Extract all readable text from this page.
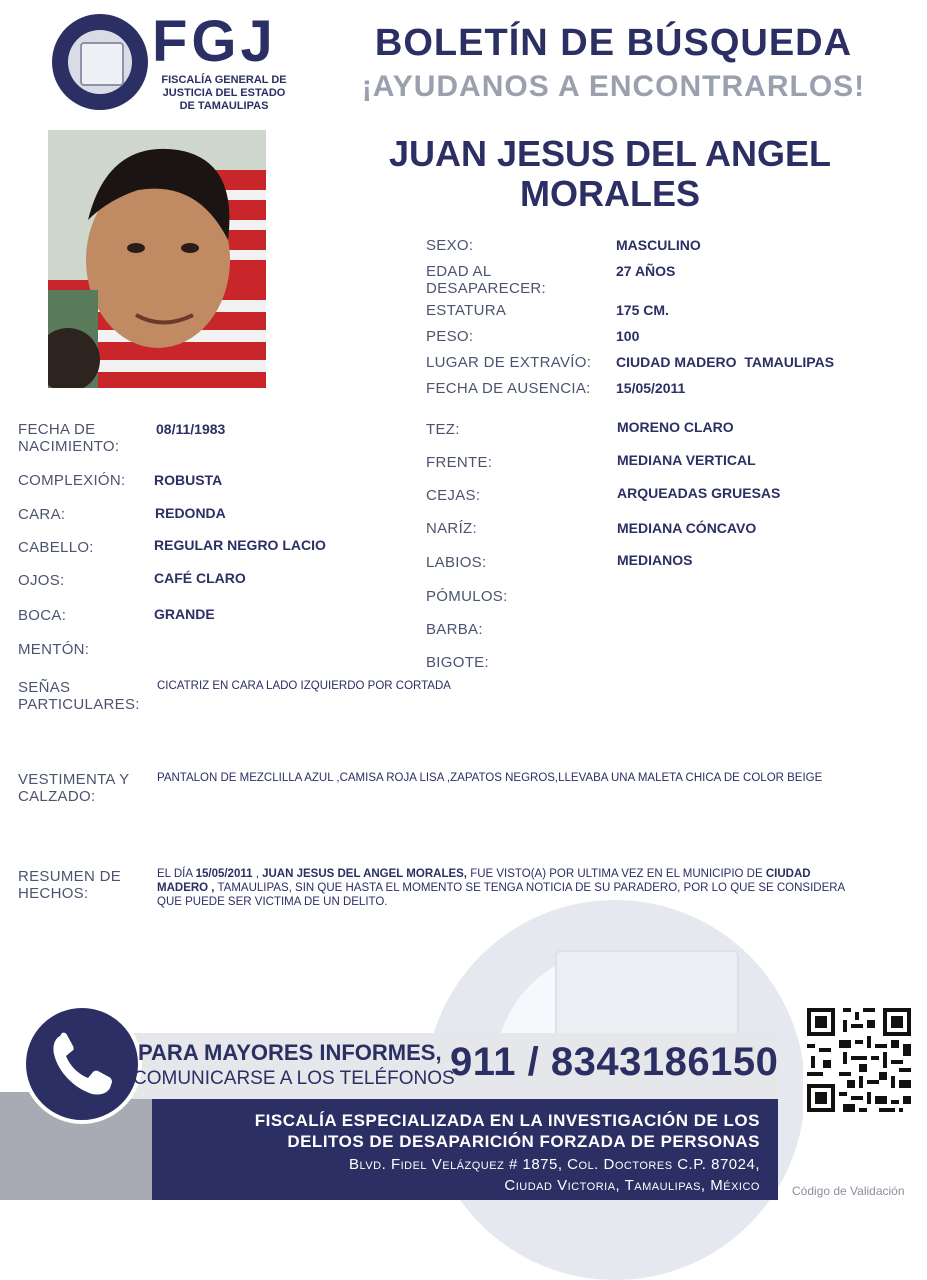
FGJ
FISCALÍA GENERAL DE JUSTICIA DEL ESTADO DE TAMAULIPAS
BOLETÍN DE BÚSQUEDA
¡AYUDANOS A ENCONTRARLOS!
JUAN JESUS DEL ANGEL MORALES
SEXO:	MASCULINO
EDAD AL DESAPARECER:
27 AÑOS
ESTATURA	175 CM.
PESO:	100
LUGAR DE EXTRAVÍO: CIUDAD MADERO  TAMAULIPAS
FECHA DE AUSENCIA: 15/05/2011
FECHA DE NACIMIENTO:
08/11/1983
COMPLEXIÓN: ROBUSTA
CARA:	REDONDA
CABELLO:	REGULAR NEGRO LACIO
OJOS:	CAFÉ CLARO
BOCA:	GRANDE
MENTÓN:
TEZ:	MORENO CLARO
FRENTE:	MEDIANA VERTICAL
CEJAS:	ARQUEADAS GRUESAS
NARÍZ:	MEDIANA CÓNCAVO
LABIOS:	MEDIANOS
PÓMULOS:
BARBA:
BIGOTE:
SEÑAS PARTICULARES:
CICATRIZ EN CARA LADO IZQUIERDO POR CORTADA
VESTIMENTA Y CALZADO:
PANTALON DE MEZCLILLA AZUL ,CAMISA ROJA LISA ,ZAPATOS NEGROS,LLEVABA UNA MALETA CHICA DE COLOR BEIGE
RESUMEN DE HECHOS:
EL DÍA 15/05/2011 , JUAN JESUS DEL ANGEL MORALES, FUE VISTO(A) POR ULTIMA VEZ EN EL MUNICIPIO DE CIUDAD MADERO , TAMAULIPAS, SIN QUE HASTA EL MOMENTO SE TENGA NOTICIA DE SU PARADERO, POR LO QUE SE CONSIDERA QUE PUEDE SER VICTIMA DE UN DELITO.
PARA MAYORES INFORMES,
COMUNICARSE A LOS TELÉFONOS
911 / 8343186150
FISCALÍA ESPECIALIZADA EN LA INVESTIGACIÓN DE LOS
DELITOS DE DESAPARICIÓN FORZADA DE PERSONAS
Blvd. Fidel Velázquez # 1875, Col. Doctores C.P. 87024,
Ciudad Victoria, Tamaulipas, México	Código de Validación
